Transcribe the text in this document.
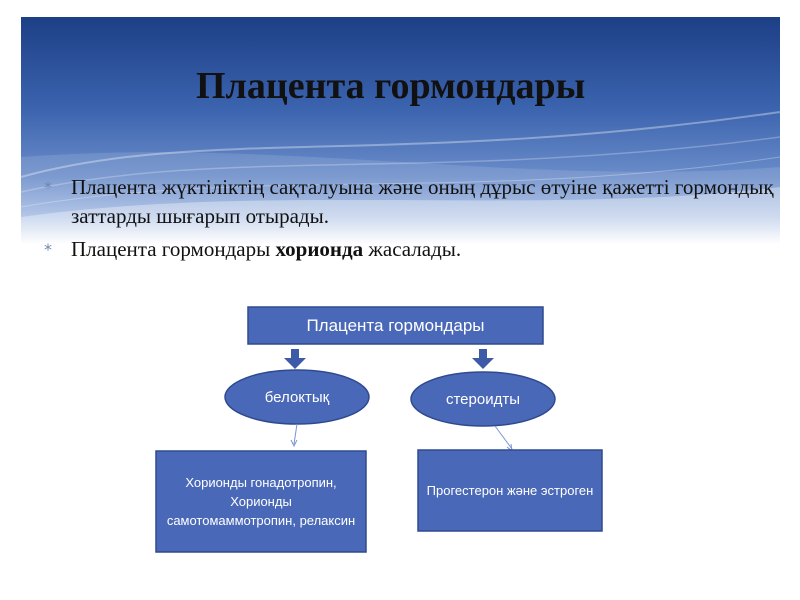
Плацента гормондары
* Плацента жүктіліктің сақталуына және оның дұрыс өтуіне қажетті гормондық заттарды шығарып отырады.
* Плацента гормондары хорионда жасалады.
Плацента гормондары
белоктық	стероидты
Хорионды гонадотропин, Хорионды самотомаммотропин, релаксин
Прогестерон және эстроген
